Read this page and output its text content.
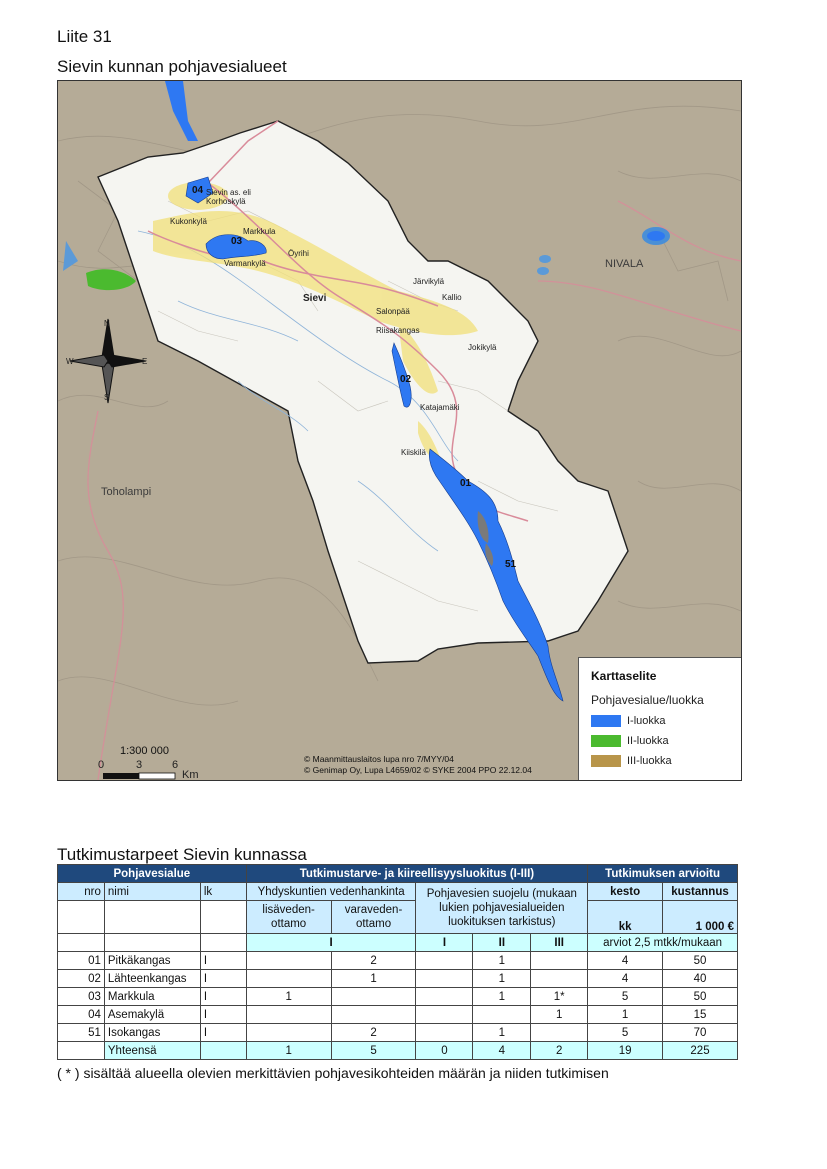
Liite 31
Sievin kunnan pohjavesialueet
04
03
02
01
51
Sievin as. eli
Korhoskylä
Kukonkylä
Markkula
Varmankylä
Öyrihi
Järvikylä
Sievi	Kallio
Salonpää
Riisakangas
Jokikylä
Kiiskilä
Katajamäki
NIVALA
Toholampi
N
S
E
W
1:300 000
0	3	6
Km
© Maanmittauslaitos lupa nro 7/MYY/04
© Genimap Oy, Lupa L4659/02 © SYKE 2004 PPO 22.12.04
Karttaselite
Pohjavesialue/luokka
I-luokka
II-luokka
III-luokka
Tutkimustarpeet Sievin kunnassa
Pohjavesialue			Tutkimustarve- ja kiireellisyysluokitus (I-III)					Tutkimuksen arvioitu	
nro	nimi	lk	Yhdyskuntien vedenhankinta		Pohjavesien suojelu (mukaan lukien pohjavesialueiden luokituksen tarkistus)			kesto	kustannus
			lisäveden-ottamo	varaveden-ottamo				kk	1 000 €
			I		I	II	III	arviot 2,5 mtkk/mukaan	
01	Pitkäkangas	I		2		1		4	50
02	Lähteenkangas	I		1		1		4	40
03	Markkula	I	1			1	1*	5	50
04	Asemakylä	I					1	1	15
51	Isokangas	I		2		1		5	70
	Yhteensä		1	5	0	4	2	19	225
( * ) sisältää alueella olevien merkittävien pohjavesikohteiden määrän ja niiden tutkimisen
